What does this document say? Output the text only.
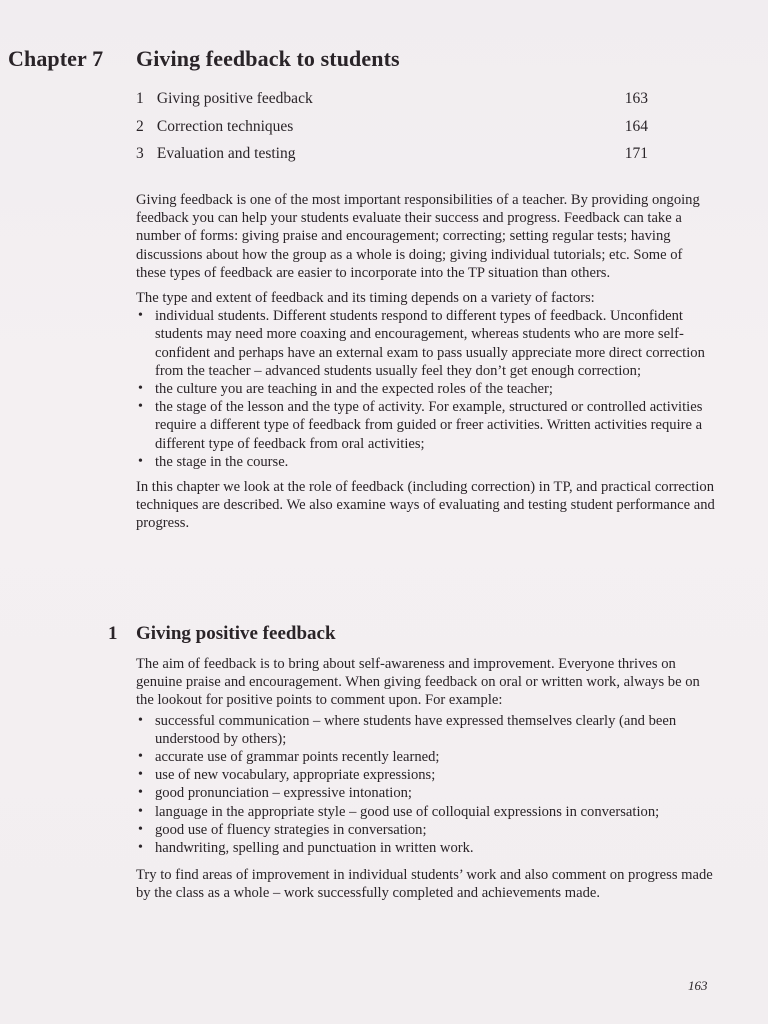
Chapter 7 Giving feedback to students
1 Giving positive feedback	163
2 Correction techniques	164
3 Evaluation and testing	171

Giving feedback is one of the most important responsibilities of a teacher. By providing ongoing feedback you can help your students evaluate their success and progress. Feedback can take a number of forms: giving praise and encouragement; correcting; setting regular tests; having discussions about how the group as a whole is doing; giving individual tutorials; etc. Some of these types of feedback are easier to incorporate into the TP situation than others.

The type and extent of feedback and its timing depends on a variety of factors:

• individual students. Different students respond to different types of feedback. Unconfident students may need more coaxing and encouragement, whereas students who are more self-confident and perhaps have an external exam to pass usually appreciate more direct correction from the teacher – advanced students usually feel they don’t get enough correction;
• the culture you are teaching in and the expected roles of the teacher;
• the stage of the lesson and the type of activity. For example, structured or controlled activities require a different type of feedback from guided or freer activities. Written activities require a different type of feedback from oral activities;
• the stage in the course.

In this chapter we look at the role of feedback (including correction) in TP, and practical correction techniques are described. We also examine ways of evaluating and testing student performance and progress.

1 Giving positive feedback

The aim of feedback is to bring about self-awareness and improvement. Everyone thrives on genuine praise and encouragement. When giving feedback on oral or written work, always be on the lookout for positive points to comment upon. For example:

• successful communication – where students have expressed themselves clearly (and been understood by others);
• accurate use of grammar points recently learned;
• use of new vocabulary, appropriate expressions;
• good pronunciation – expressive intonation;
• language in the appropriate style – good use of colloquial expressions in conversation;
• good use of fluency strategies in conversation;
• handwriting, spelling and punctuation in written work.

Try to find areas of improvement in individual students’ work and also comment on progress made by the class as a whole – work successfully completed and achievements made.

163
